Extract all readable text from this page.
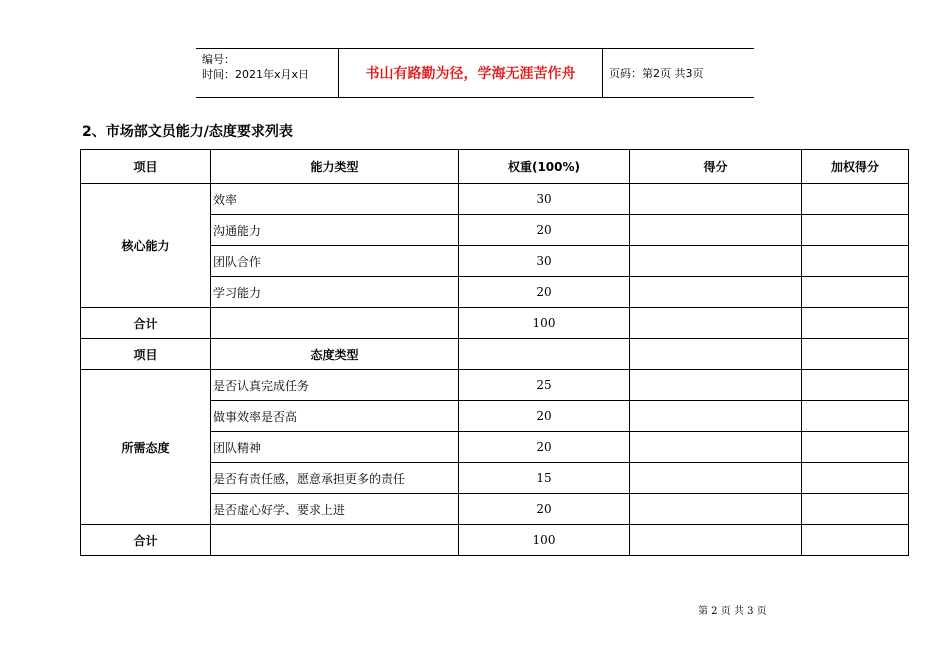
编号：
时间：2021年x月x日	书山有路勤为径，学海无涯苦作舟	页码：第2页 共3页
2、市场部文员能力/态度要求列表
项目	能力类型	权重(100%)	得分	加权得分
核心能力	效率	30		
	沟通能力	20		
	团队合作	30		
	学习能力	20		
合计		100		
项目	态度类型			
所需态度	是否认真完成任务	25		
	做事效率是否高	20		
	团队精神	20		
	是否有责任感，愿意承担更多的责任	15		
	是否虚心好学、要求上进	20		
合计		100		
第 2 页 共 3 页
